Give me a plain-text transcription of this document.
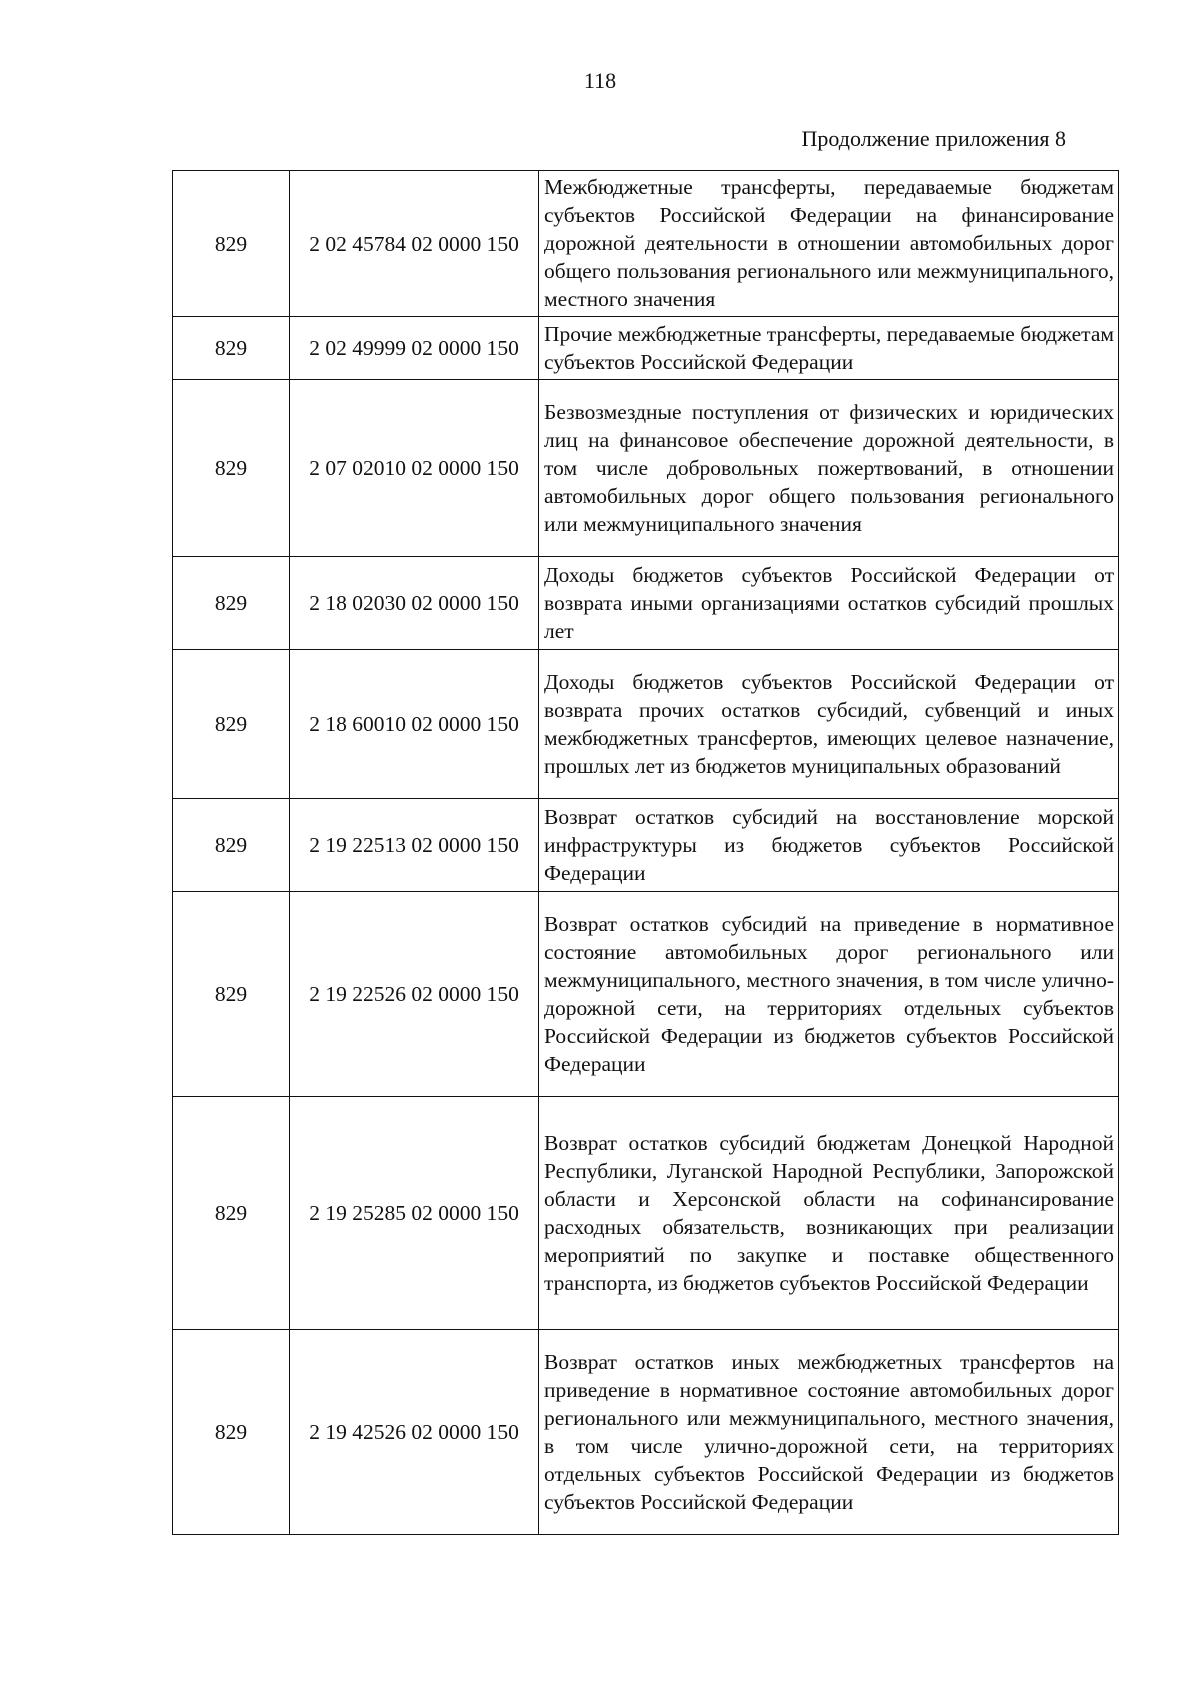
118
Продолжение приложения 8
829	2 02 45784 02 0000 150	Межбюджетные трансферты, передаваемые бюджетам субъектов Российской Федерации на финансирование дорожной деятельности в отношении автомобильных дорог общего пользования регионального или межмуниципального, местного значения
829	2 02 49999 02 0000 150	Прочие межбюджетные трансферты, передаваемые бюджетам субъектов Российской Федерации
829	2 07 02010 02 0000 150	Безвозмездные поступления от физических и юридических лиц на финансовое обеспечение дорожной деятельности, в том числе добровольных пожертвований, в отношении автомобильных дорог общего пользования регионального или межмуниципального значения
829	2 18 02030 02 0000 150	Доходы бюджетов субъектов Российской Федерации от возврата иными организациями остатков субсидий прошлых лет
829	2 18 60010 02 0000 150	Доходы бюджетов субъектов Российской Федерации от возврата прочих остатков субсидий, субвенций и иных межбюджетных трансфертов, имеющих целевое назначение, прошлых лет из бюджетов муниципальных образований
829	2 19 22513 02 0000 150	Возврат остатков субсидий на восстановление морской инфраструктуры из бюджетов субъектов Российской Федерации
829	2 19 22526 02 0000 150	Возврат остатков субсидий на приведение в нормативное состояние автомобильных дорог регионального или межмуниципального, местного значения, в том числе улично-дорожной сети, на территориях отдельных субъектов Российской Федерации из бюджетов субъектов Российской Федерации
829	2 19 25285 02 0000 150	Возврат остатков субсидий бюджетам Донецкой Народной Республики, Луганской Народной Республики, Запорожской области и Херсонской области на софинансирование расходных обязательств, возникающих при реализации мероприятий по закупке и поставке общественного транспорта, из бюджетов субъектов Российской Федерации
829	2 19 42526 02 0000 150	Возврат остатков иных межбюджетных трансфертов на приведение в нормативное состояние автомобильных дорог регионального или межмуниципального, местного значения, в том числе улично-дорожной сети, на территориях отдельных субъектов Российской Федерации из бюджетов субъектов Российской Федерации
